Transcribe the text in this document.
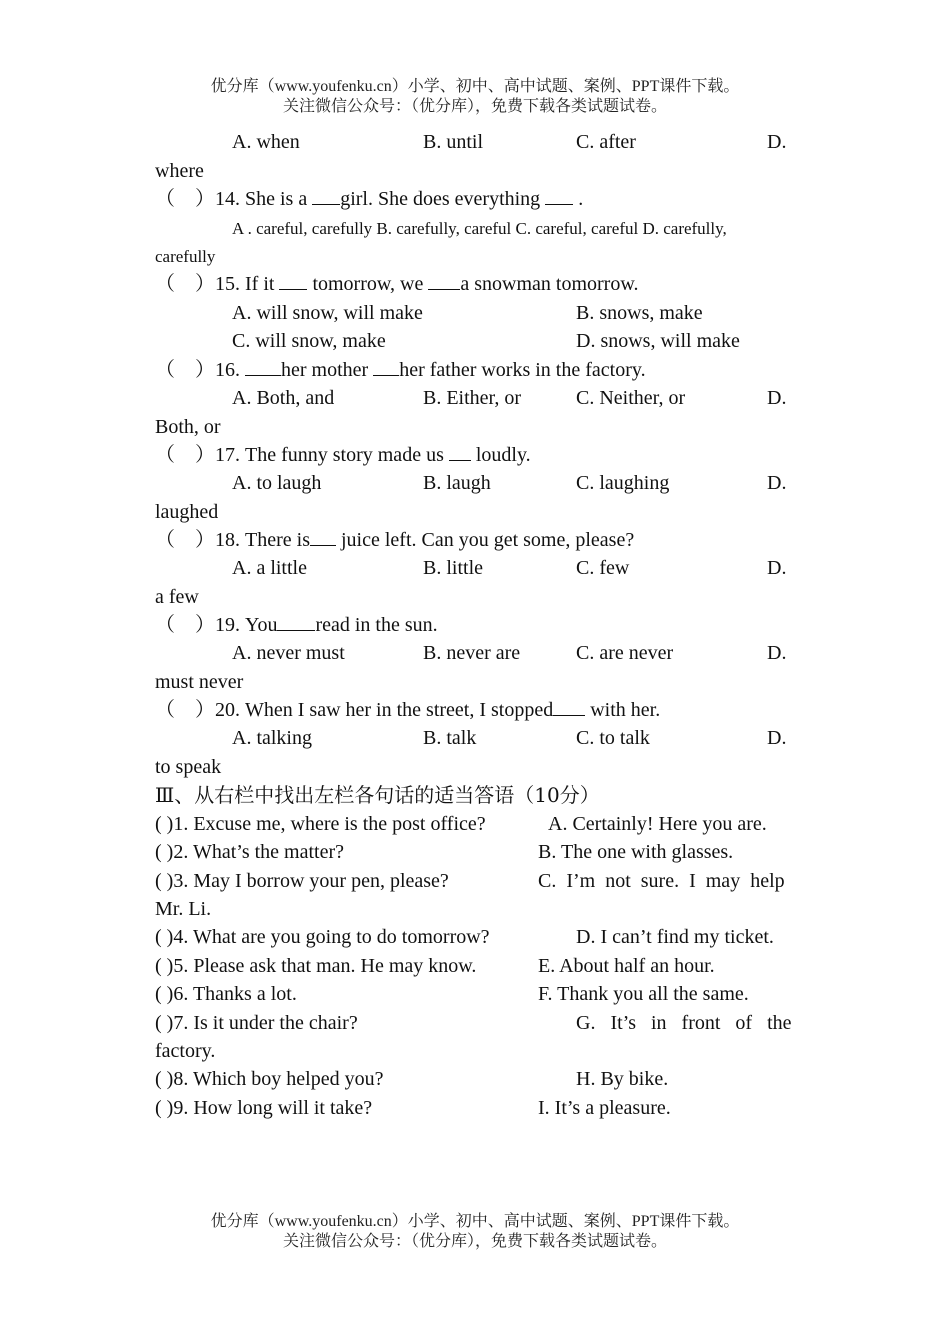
优分库（www.youfenku.cn）小学、初中、高中试题、案例、PPT课件下载。
关注微信公众号：（优分库），免费下载各类试题试卷。
A. when	B. until	C. after	D.
where
（　）14. She is a girl. She does everything  .
A . careful, carefully B. carefully, careful C. careful, careful D. carefully,
carefully
（　）15. If it  tomorrow, we a snowman tomorrow.
A. will snow, will make	B. snows, make
C. will snow, make	D. snows, will make
（　）16. her mother her father works in the factory.
A. Both, and	B. Either, or	C. Neither, or	D.
Both, or
（　）17. The funny story made us  loudly.
A. to laugh	B. laugh	C. laughing	D.
laughed
（　）18. There is juice left. Can you get some, please?
A. a little	B. little	C. few	D.
a few
（　）19. You read in the sun.
A. never must	B. never are	C. are never	D.
must never
（　）20. When I saw her in the street, I stopped with her.
A. talking	B. talk	C. to talk	D.
to speak
Ⅲ、从右栏中找出左栏各句话的适当答语（10分）
( )1. Excuse me, where is the post office?	A. Certainly! Here you are.
( )2. What’s the matter?	B. The one with glasses.
( )3. May I borrow your pen, please?	C.  I’m  not  sure.  I  may  help
Mr. Li.
( )4. What are you going to do tomorrow?	D. I can’t find my ticket.
( )5. Please ask that man. He may know.	E. About half an hour.
( )6. Thanks a lot.	F. Thank you all the same.
( )7. Is it under the chair?	G.   It’s   in   front   of   the
factory.
( )8. Which boy helped you?	H. By bike.
( )9. How long will it take?	I. It’s a pleasure.
优分库（www.youfenku.cn）小学、初中、高中试题、案例、PPT课件下载。
关注微信公众号：（优分库），免费下载各类试题试卷。
